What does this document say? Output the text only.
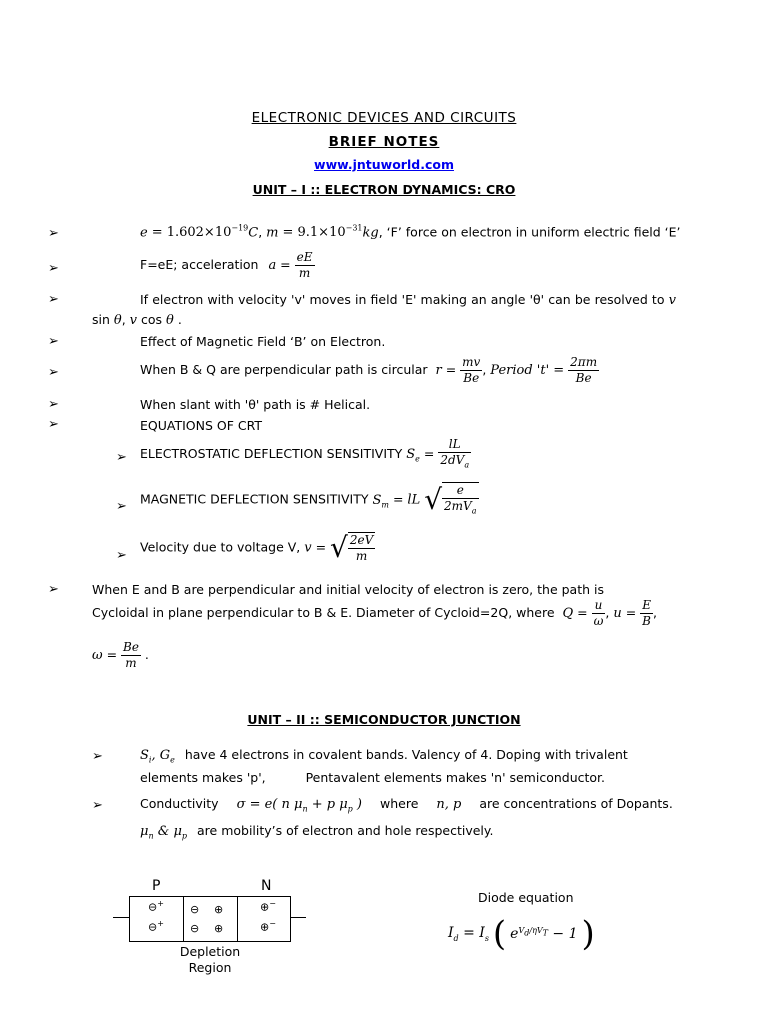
ELECTRONIC DEVICES AND CIRCUITS
BRIEF NOTES
www.jntuworld.com
UNIT – I :: ELECTRON DYNAMICS: CRO
➢	$e = 1.602\times 10^{-19}C$, $m = 9.1\times 10^{-31}kg$, ‘F’ force on electron in uniform electric field ‘E’
➢	F=eE; acceleration $a = \frac{eE}{m}$
➢	If electron with velocity 'v' moves in field 'E' making an angle 'θ' can be resolved to v sin θ, v cos θ .
➢	Effect of Magnetic Field ‘B’ on Electron.
➢	When B & Q are perpendicular path is circular $r = \frac{mv}{Be}$ , Period '$t' = \frac{2\pi m}{Be}$
➢	When slant with 'θ' path is # Helical.
➢	EQUATIONS OF CRT
➢ ELECTROSTATIC DEFLECTION SENSITIVITY $S_e = \frac{lL}{2dV_a}$
➢ MAGNETIC DEFLECTION SENSITIVITY $S_m$ = lL √ $\frac{e}{2mV_a}$
➢
Velocity due to voltage V, v = √ $\frac{2eV}{m}$
➢	When E and B are perpendicular and initial velocity of electron is zero, the path is
Cycloidal in plane perpendicular to B & E. Diameter of Cycloid=2Q, where $Q = \frac{u}{\omega}$ , $u = \frac{E}{B}$ ,
$\omega = \frac{Be}{m}$ .
UNIT – II :: SEMICONDUCTOR JUNCTION
➢	$S_i$, $G_e$ have 4 electrons in covalent bands. Valency of 4. Doping with trivalent
elements makes 'p',	Pentavalent elements makes 'n' semiconductor.
➢	Conductivity σ = e( n $\mu_n + p$ $\mu_p$ ) where n, p are concentrations of Dopants.
$\mu_n$ & $\mu_p$ are mobility’s of electron and hole respectively.
P	N
⊖+
⊖+
⊖ ⊕
⊖ ⊕
⊕−
⊕−
Depletion
Region
Diode equation
$I_d = I_s$ ( $e^{V_d/\eta V_T} - 1$ )
